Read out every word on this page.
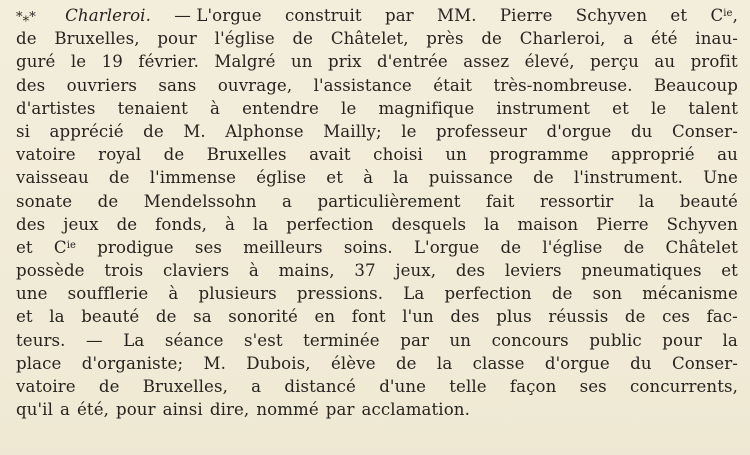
*⁎* Charleroi. — L'orgue construit par MM. Pierre Schyven et Cie,
de Bruxelles, pour l'église de Châtelet, près de Charleroi, a été inau-
guré le 19 février. Malgré un prix d'entrée assez élevé, perçu au profit
des ouvriers sans ouvrage, l'assistance était très-nombreuse. Beaucoup
d'artistes tenaient à entendre le magnifique instrument et le talent
si apprécié de M. Alphonse Mailly; le professeur d'orgue du Conser-
vatoire royal de Bruxelles avait choisi un programme approprié au
vaisseau de l'immense église et à la puissance de l'instrument. Une
sonate de Mendelssohn a particulièrement fait ressortir la beauté
des jeux de fonds, à la perfection desquels la maison Pierre Schyven
et Cie prodigue ses meilleurs soins. L'orgue de l'église de Châtelet
possède trois claviers à mains, 37 jeux, des leviers pneumatiques et
une soufflerie à plusieurs pressions. La perfection de son mécanisme
et la beauté de sa sonorité en font l'un des plus réussis de ces fac-
teurs. — La séance s'est terminée par un concours public pour la
place d'organiste; M. Dubois, élève de la classe d'orgue du Conser-
vatoire de Bruxelles, a distancé d'une telle façon ses concurrents,
qu'il a été, pour ainsi dire, nommé par acclamation.
